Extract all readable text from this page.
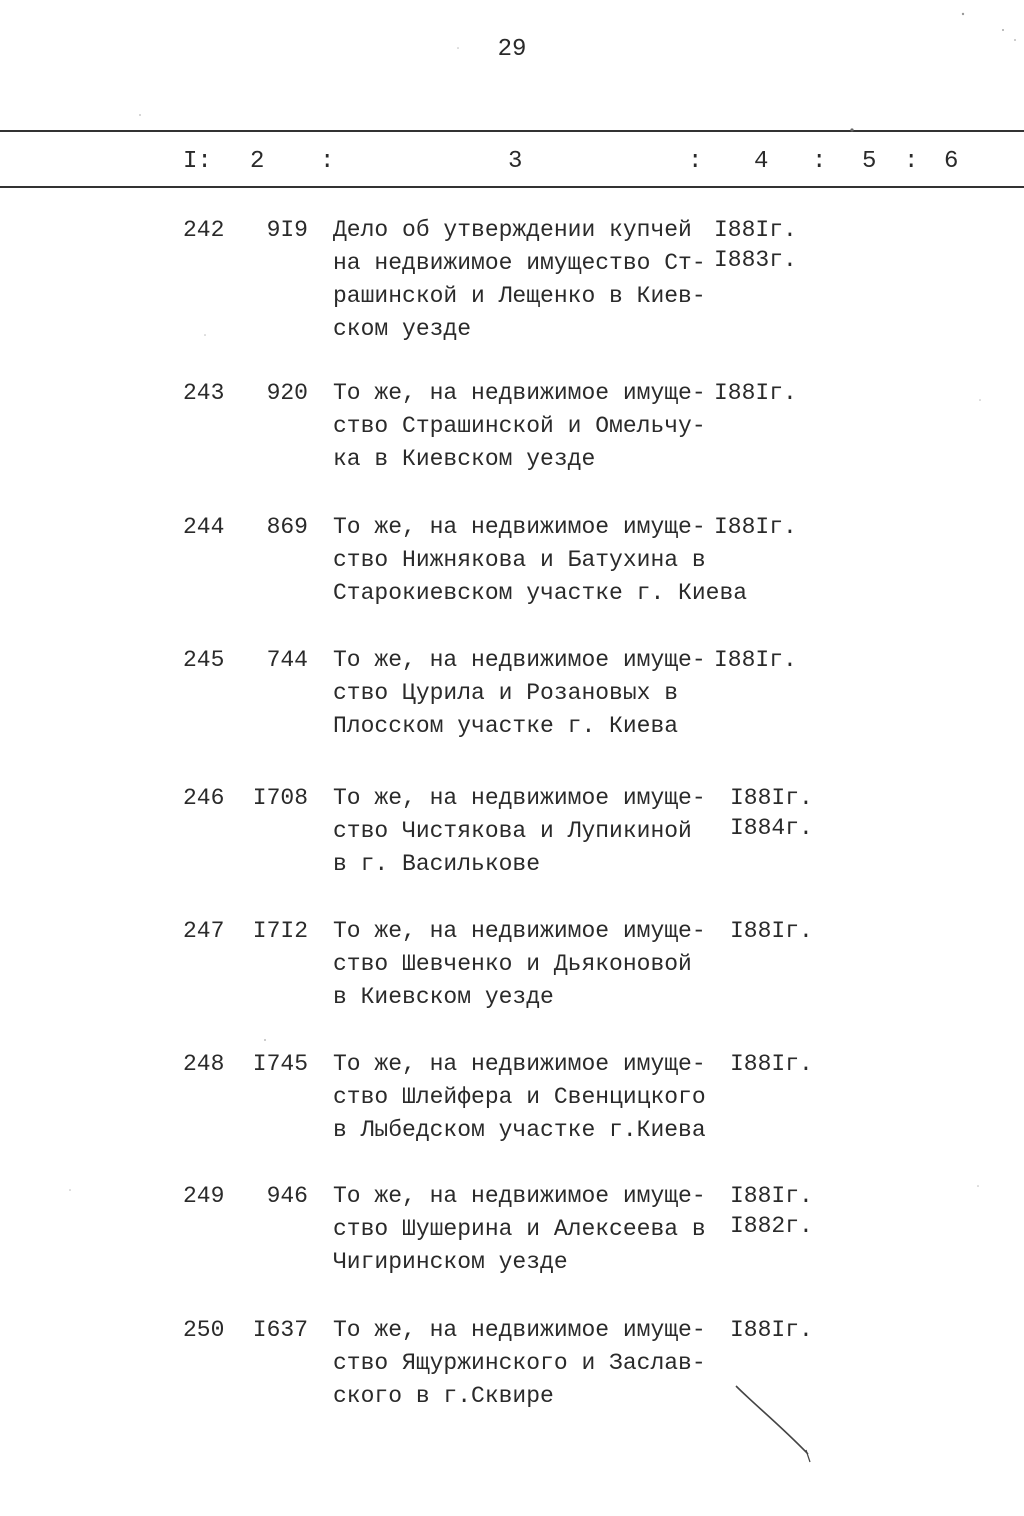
29
I: 2 :	3	: 4 : 5 : 6
242	9I9 Дело об утверждении купчей
на недвижимое имущество Ст-
рашинской и Лещенко в Киев-
ском уезде
I88Iг.
I883г.
243	920 То же, на недвижимое имуще-
ство Страшинской и Омельчу-
ка в Киевском уезде
I88Iг.
244	869 То же, на недвижимое имуще-
ство Нижнякова и Батухина в
Старокиевском участке г. Киева
I88Iг.
245	744 То же, на недвижимое имуще-
ство Цурила и Розановых в
Плосском участке г. Киева
I88Iг.
246 I708 То же, на недвижимое имуще-
ство Чистякова и Лупикиной
в г. Василькове
I88Iг.
I884г.
247 I7I2 То же, на недвижимое имуще-
ство Шевченко и Дьяконовой
в Киевском уезде
I88Iг.
248 I745 То же, на недвижимое имуще-
ство Шлейфера и Свенцицкого
в Лыбедском участке г.Киева
I88Iг.
249	946 То же, на недвижимое имуще-
ство Шушерина и Алексеева в
Чигиринском уезде
I88Iг.
I882г.
250 I637 То же, на недвижимое имуще-
ство Ящуржинского и Заслав-
ского в г.Сквире
I88Iг.
